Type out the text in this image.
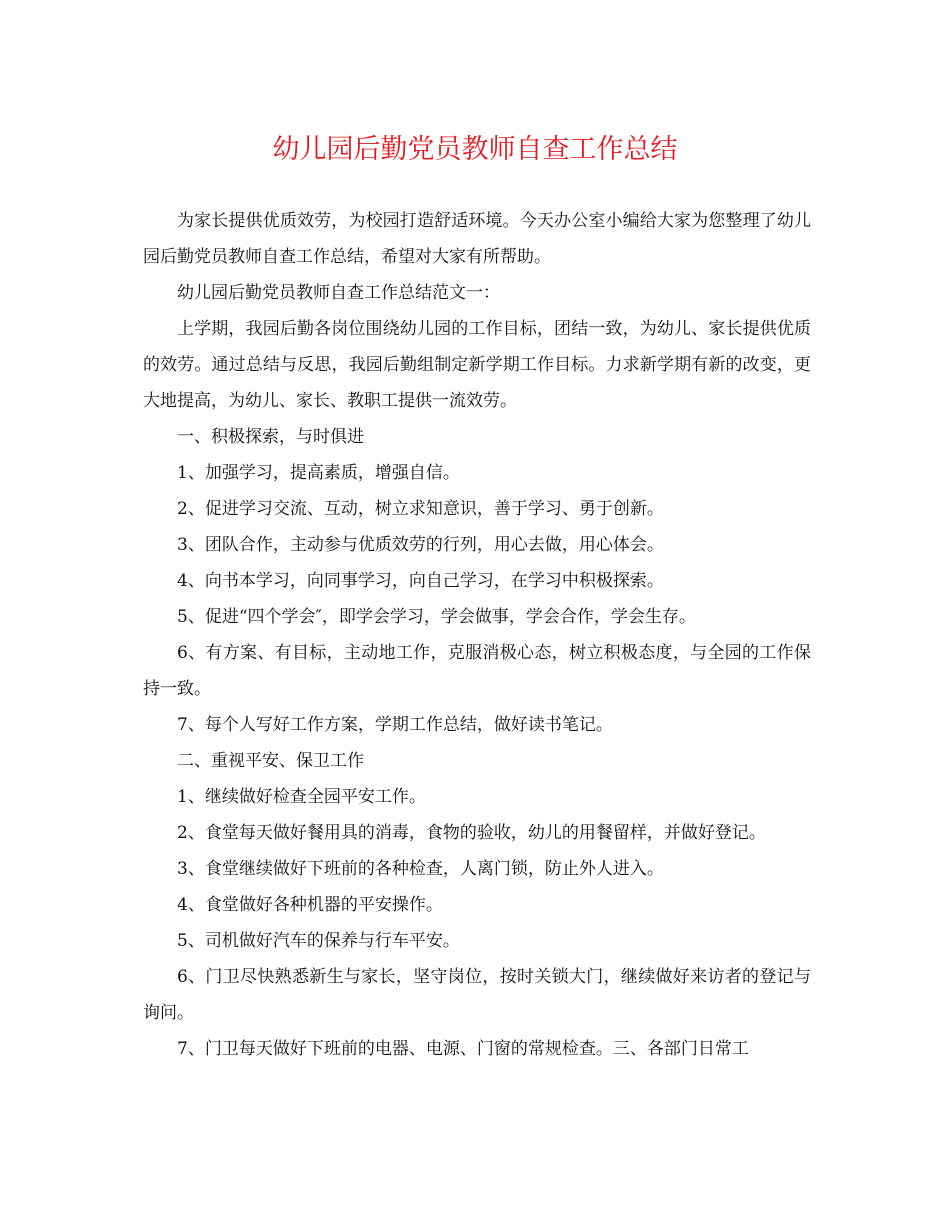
幼儿园后勤党员教师自查工作总结

为家长提供优质效劳，为校园打造舒适环境。今天办公室小编给大家为您整理了幼儿园后勤党员教师自查工作总结，希望对大家有所帮助。

幼儿园后勤党员教师自查工作总结范文一：

上学期，我园后勤各岗位围绕幼儿园的工作目标，团结一致，为幼儿、家长提供优质的效劳。通过总结与反思，我园后勤组制定新学期工作目标。力求新学期有新的改变，更大地提高，为幼儿、家长、教职工提供一流效劳。

一、积极探索，与时俱进

1、加强学习，提高素质，增强自信。

2、促进学习交流、互动，树立求知意识，善于学习、勇于创新。

3、团队合作，主动参与优质效劳的行列，用心去做，用心体会。

4、向书本学习，向同事学习，向自己学习，在学习中积极探索。

5、促进“四个学会″，即学会学习，学会做事，学会合作，学会生存。

6、有方案、有目标，主动地工作，克服消极心态，树立积极态度，与全园的工作保持一致。

7、每个人写好工作方案，学期工作总结，做好读书笔记。

二、重视平安、保卫工作

1、继续做好检查全园平安工作。

2、食堂每天做好餐用具的消毒，食物的验收，幼儿的用餐留样，并做好登记。

3、食堂继续做好下班前的各种检查，人离门锁，防止外人进入。

4、食堂做好各种机器的平安操作。

5、司机做好汽车的保养与行车平安。

6、门卫尽快熟悉新生与家长，坚守岗位，按时关锁大门，继续做好来访者的登记与询问。

7、门卫每天做好下班前的电器、电源、门窗的常规检查。三、各部门日常工
